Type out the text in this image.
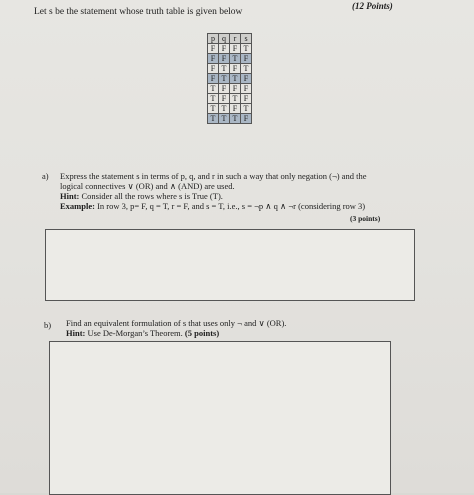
Let s be the statement whose truth table is given below
(12 Points)
p	q	r	s
F	F	F	T
F	F	T	F
F	T	F	T
F	T	T	F
T	F	F	F
T	F	T	F
T	T	F	T
T	T	T	F
a) Express the statement s in terms of p, q, and r in such a way that only negation (¬) and the
logical connectives ∨ (OR) and ∧ (AND) are used.
Hint: Consider all the rows where s is True (T).
Example: In row 3, p= F, q = T, r = F, and s = T, i.e., s = ¬p ∧ q ∧ ¬r (considering row 3)
(3 points)
b) Find an equivalent formulation of s that uses only ¬ and ∨ (OR).
Hint: Use De-Morgan’s Theorem. (5 points)
